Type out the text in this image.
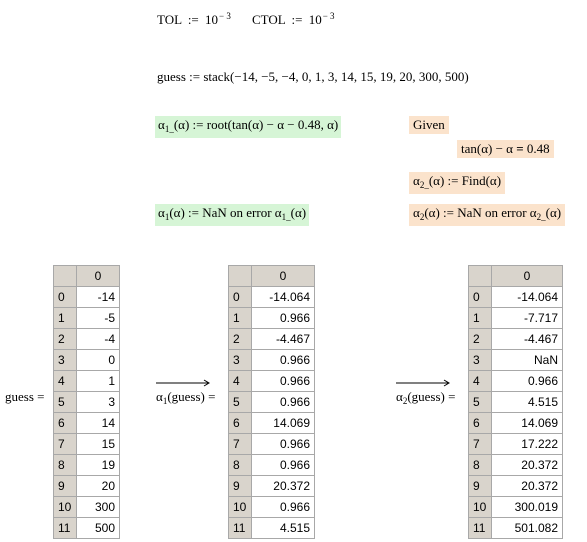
TOL := $10^{- 3}$ CTOL := $10^{- 3}$
guess := stack(−14, −5, −4, 0, 1, 3, 14, 15, 19, 20, 300, 500)
$\alpha_{1\_}(\alpha)$ := root(tan(α) − α − 0.48, α)	Given
tan(α) − α = 0.48
$\alpha_{2\_}(\alpha)$ := Find(α)
$\alpha_1(\alpha)$ := NaN on error $\alpha_{1\_}(\alpha)$	$\alpha_2(\alpha)$ := NaN on error $\alpha_{2\_}(\alpha)$
guess =
	0
0	-14
1	-5
2	-4
3	0
4	1
5	3
6	14
7	15
8	19
9	20
10	300
11	500
$\alpha_1(guess)$ =
	0
0	-14.064
1	0.966
2	-4.467
3	0.966
4	0.966
5	0.966
6	14.069
7	0.966
8	0.966
9	20.372
10	0.966
11	4.515
$\alpha_2(guess)$ =
	0
0	-14.064
1	-7.717
2	-4.467
3	NaN
4	0.966
5	4.515
6	14.069
7	17.222
8	20.372
9	20.372
10	300.019
11	501.082
